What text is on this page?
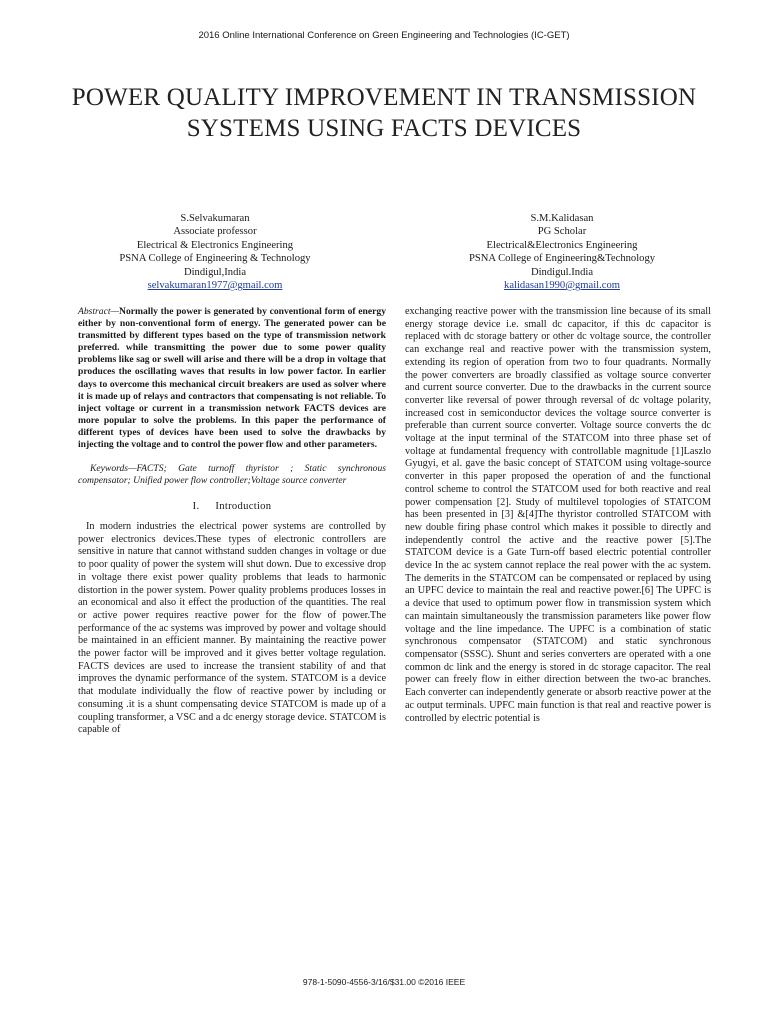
2016 Online International Conference on Green Engineering and Technologies (IC-GET)
POWER QUALITY IMPROVEMENT IN TRANSMISSION SYSTEMS USING FACTS DEVICES
S.Selvakumaran
Associate professor
Electrical & Electronics Engineering
PSNA College of Engineering & Technology
Dindigul,India
selvakumaran1977@gmail.com
S.M.Kalidasan
PG Scholar
Electrical&Electronics Engineering
PSNA College of Engineering&Technology
Dindigul.India
kalidasan1990@gmail.com

Abstract—Normally the power is generated by conventional form of energy either by non-conventional form of energy. The generated power can be transmitted by different types based on the type of transmission network preferred. while transmitting the power due to some power quality problems like sag or swell will arise and there will be a drop in voltage that produces the oscillating waves that results in low power factor. In earlier days to overcome this mechanical circuit breakers are used as solver where it is made up of relays and contractors that compensating is not reliable. To inject voltage or current in a transmission network FACTS devices are more popular to solve the problems. In this paper the performance of different types of devices have been used to solve the drawbacks by injecting the voltage and to control the power flow and other parameters.

Keywords—FACTS; Gate turnoff thyristor ; Static synchronous compensator; Unified power flow controller;Voltage source converter

I. Introduction

In modern industries the electrical power systems are controlled by power electronics devices.These types of electronic controllers are sensitive in nature that cannot withstand sudden changes in voltage or due to poor quality of power the system will shut down. Due to excessive drop in voltage there exist power quality problems that leads to harmonic distortion in the power system. Power quality problems produces losses in an economical and also it effect the production of the quantities. The real or active power requires reactive power for the flow of power.The performance of the ac systems was improved by power and voltage should be maintained in an efficient manner. By maintaining the reactive power the power factor will be improved and it gives better voltage regulation. FACTS devices are used to increase the transient stability of and that improves the dynamic performance of the system. STATCOM is a device that modulate individually the flow of reactive power by including or consuming .it is a shunt compensating device STATCOM is made up of a coupling transformer, a VSC and a dc energy storage device. STATCOM is capable of

exchanging reactive power with the transmission line because of its small energy storage device i.e. small dc capacitor, if this dc capacitor is replaced with dc storage battery or other dc voltage source, the controller can exchange real and reactive power with the transmission system, extending its region of operation from two to four quadrants. Normally the power converters are broadly classified as voltage source converter and current source converter. Due to the drawbacks in the current source converter like reversal of power through reversal of dc voltage polarity, increased cost in semiconductor devices the voltage source converter is preferable than current source converter. Voltage source converts the dc voltage at the input terminal of the STATCOM into three phase set of voltage at fundamental frequency with controllable magnitude [1]Laszlo Gyugyi, et al. gave the basic concept of STATCOM using voltage-source converter in this paper proposed the operation of and the functional control scheme to control the STATCOM used for both reactive and real power compensation [2]. Study of multilevel topologies of STATCOM has been presented in [3] &[4]The thyristor controlled STATCOM with new double firing phase control which makes it possible to directly and independently control the active and the reactive power [5].The STATCOM device is a Gate Turn-off based electric potential controller device In the ac system cannot replace the real power with the ac system. The demerits in the STATCOM can be compensated or replaced by using an UPFC device to maintain the real and reactive power.[6] The UPFC is a device that used to optimum power flow in transmission system which can maintain simultaneously the transmission parameters like power flow voltage and the line impedance. The UPFC is a combination of static synchronous compensator (STATCOM) and static synchronous compensator (SSSC). Shunt and series converters are operated with a one common dc link and the energy is stored in dc storage capacitor. The real power can freely flow in either direction between the two-ac branches. Each converter can independently generate or absorb reactive power at the ac output terminals. UPFC main function is that real and reactive power is controlled by electric potential is

978-1-5090-4556-3/16/$31.00 ©2016 IEEE
